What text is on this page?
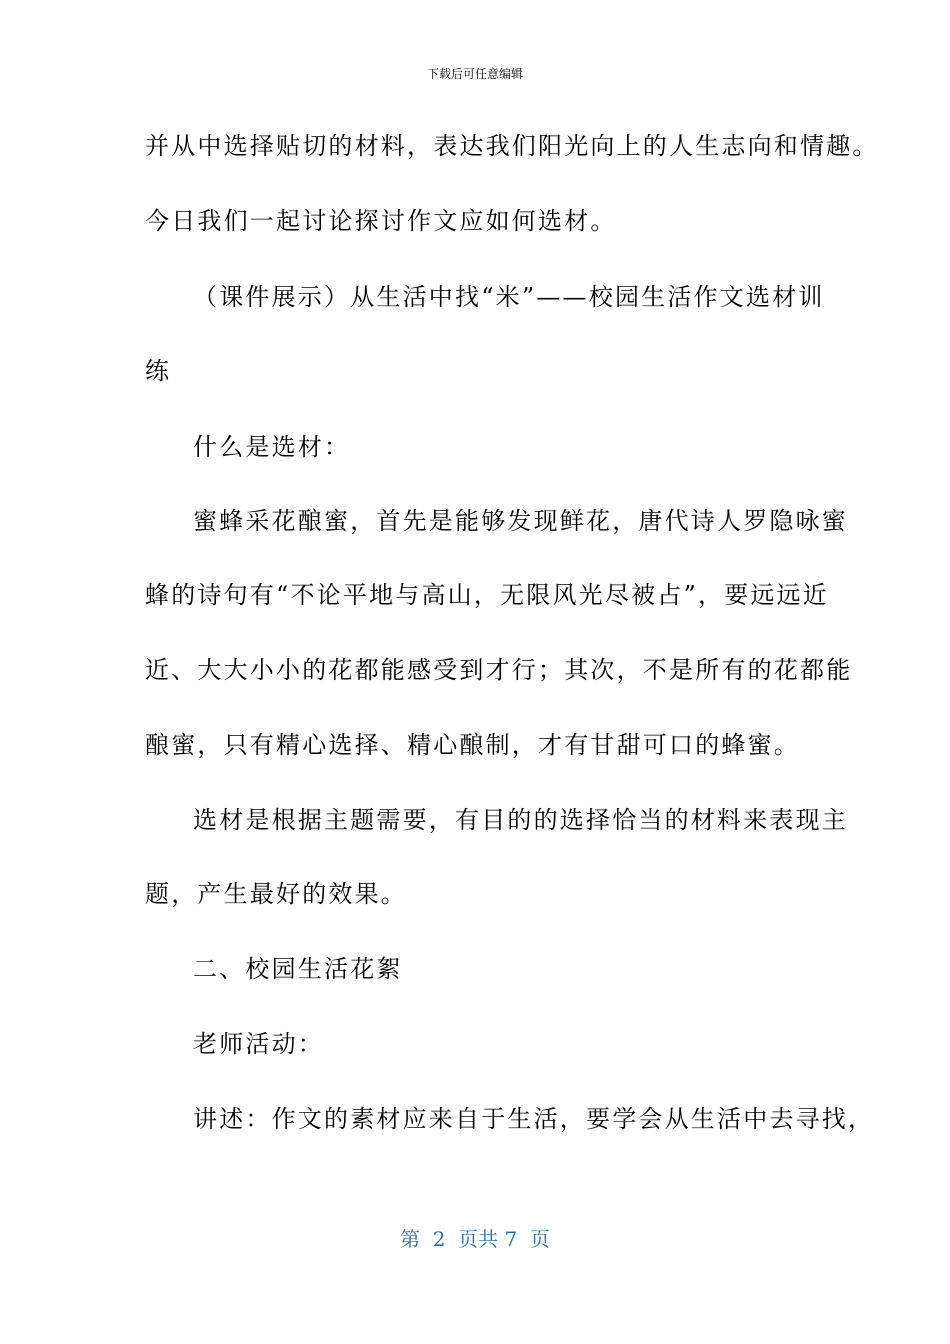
下载后可任意编辑
并从中选择贴切的材料，表达我们阳光向上的人生志向和情趣。
今日我们一起讨论探讨作文应如何选材。
（课件展示）从生活中找“米”——校园生活作文选材训
练
什么是选材：
蜜蜂采花酿蜜，首先是能够发现鲜花，唐代诗人罗隐咏蜜
蜂的诗句有“不论平地与高山，无限风光尽被占”，要远远近
近、大大小小的花都能感受到才行；其次，不是所有的花都能
酿蜜，只有精心选择、精心酿制，才有甘甜可口的蜂蜜。
选材是根据主题需要，有目的的选择恰当的材料来表现主
题，产生最好的效果。
二、校园生活花絮
老师活动：
讲述：作文的素材应来自于生活，要学会从生活中去寻找，
第  2  页共 7  页
